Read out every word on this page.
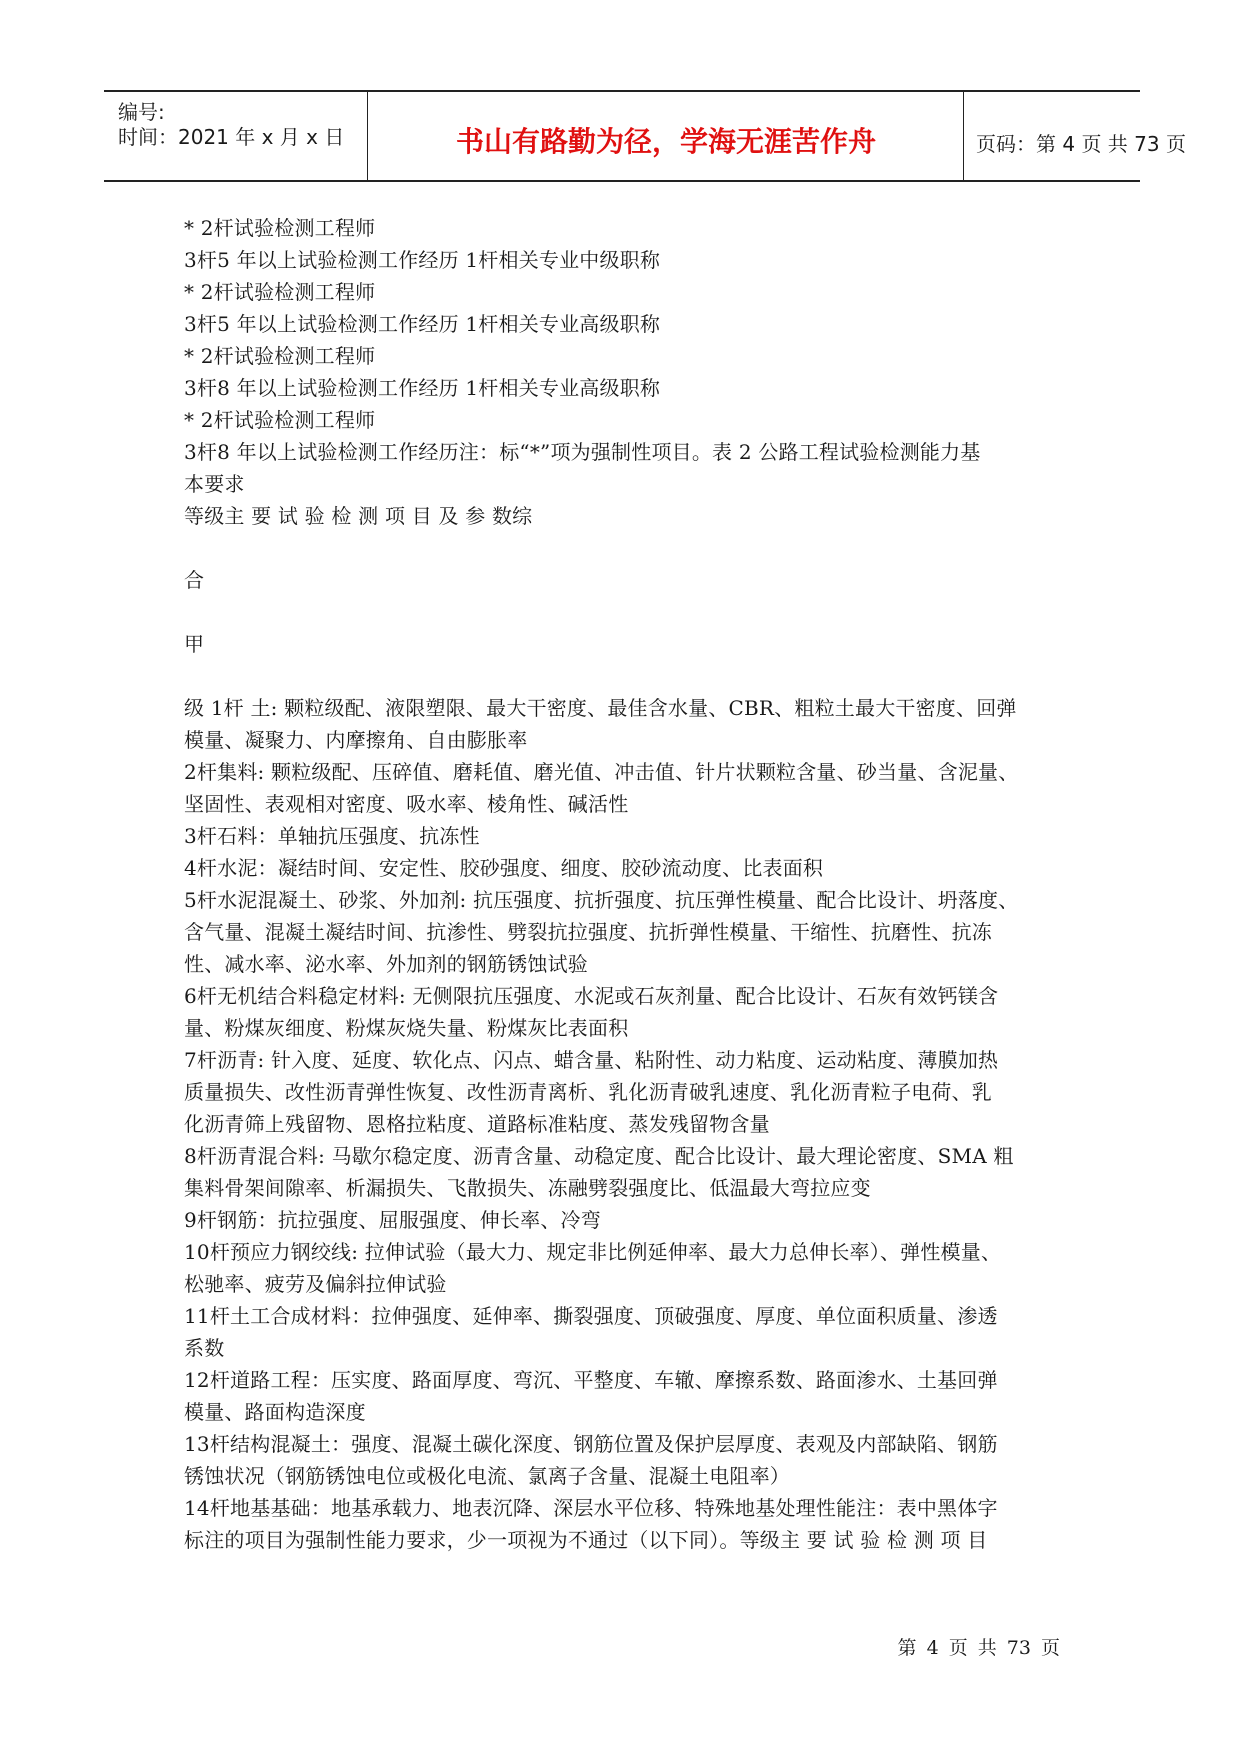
编号:
时间：2021 年 x 月 x 日	书山有路勤为径，学海无涯苦作舟	页码：第 4 页 共 73 页
* 2杆试验检测工程师
3杆5 年以上试验检测工作经历 1杆相关专业中级职称
* 2杆试验检测工程师
3杆5 年以上试验检测工作经历 1杆相关专业高级职称
* 2杆试验检测工程师
3杆8 年以上试验检测工作经历 1杆相关专业高级职称
* 2杆试验检测工程师
3杆8 年以上试验检测工作经历注：标“*”项为强制性项目。表 2 公路工程试验检测能力基
本要求
等级主 要 试 验 检 测 项 目 及 参 数综
合
甲
级 1杆 土: 颗粒级配、液限塑限、最大干密度、最佳含水量、CBR、粗粒土最大干密度、回弹
模量、凝聚力、内摩擦角、自由膨胀率
2杆集料: 颗粒级配、压碎值、磨耗值、磨光值、冲击值、针片状颗粒含量、砂当量、含泥量、
坚固性、表观相对密度、吸水率、棱角性、碱活性
3杆石料：单轴抗压强度、抗冻性
4杆水泥：凝结时间、安定性、胶砂强度、细度、胶砂流动度、比表面积
5杆水泥混凝土、砂浆、外加剂: 抗压强度、抗折强度、抗压弹性模量、配合比设计、坍落度、
含气量、混凝土凝结时间、抗渗性、劈裂抗拉强度、抗折弹性模量、干缩性、抗磨性、抗冻
性、减水率、泌水率、外加剂的钢筋锈蚀试验
6杆无机结合料稳定材料: 无侧限抗压强度、水泥或石灰剂量、配合比设计、石灰有效钙镁含
量、粉煤灰细度、粉煤灰烧失量、粉煤灰比表面积
7杆沥青: 针入度、延度、软化点、闪点、蜡含量、粘附性、动力粘度、运动粘度、薄膜加热
质量损失、改性沥青弹性恢复、改性沥青离析、乳化沥青破乳速度、乳化沥青粒子电荷、乳
化沥青筛上残留物、恩格拉粘度、道路标准粘度、蒸发残留物含量
8杆沥青混合料: 马歇尔稳定度、沥青含量、动稳定度、配合比设计、最大理论密度、SMA 粗
集料骨架间隙率、析漏损失、飞散损失、冻融劈裂强度比、低温最大弯拉应变
9杆钢筋：抗拉强度、屈服强度、伸长率、冷弯
10杆预应力钢绞线: 拉伸试验（最大力、规定非比例延伸率、最大力总伸长率）、弹性模量、
松驰率、疲劳及偏斜拉伸试验
11杆土工合成材料：拉伸强度、延伸率、撕裂强度、顶破强度、厚度、单位面积质量、渗透
系数
12杆道路工程：压实度、路面厚度、弯沉、平整度、车辙、摩擦系数、路面渗水、土基回弹
模量、路面构造深度
13杆结构混凝土：强度、混凝土碳化深度、钢筋位置及保护层厚度、表观及内部缺陷、钢筋
锈蚀状况（钢筋锈蚀电位或极化电流、氯离子含量、混凝土电阻率）
14杆地基基础：地基承载力、地表沉降、深层水平位移、特殊地基处理性能注：表中黑体字
标注的项目为强制性能力要求，少一项视为不通过（以下同）。等级主 要 试 验 检 测 项 目
第 4 页 共 73 页
